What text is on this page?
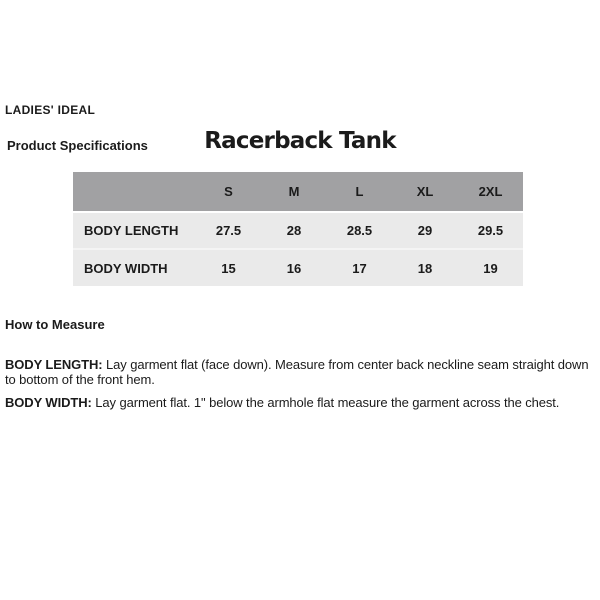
LADIES' IDEAL
Product Specifications	Racerback Tank
	S	M	L	XL	2XL
BODY LENGTH	27.5	28	28.5	29	29.5
BODY WIDTH	15	16	17	18	19
How to Measure

BODY LENGTH: Lay garment flat (face down). Measure from center back neckline seam straight down to bottom of the front hem.

BODY WIDTH: Lay garment flat. 1" below the armhole flat measure the garment across the chest.
